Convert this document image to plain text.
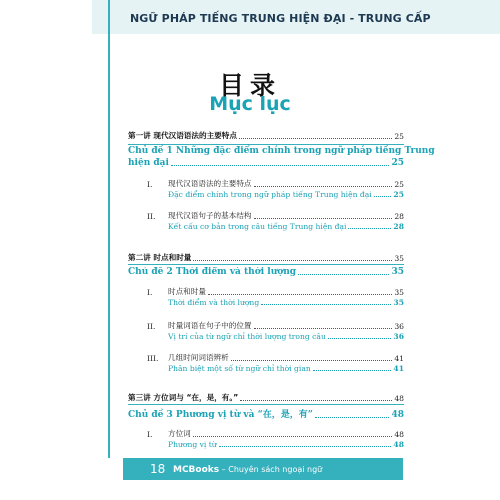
NGỮ PHÁP TIẾNG TRUNG HIỆN ĐẠI - TRUNG CẤP
目录
Mục lục
第一讲 现代汉语语法的主要特点	25
Chủ đề 1 Những đặc điểm chính trong ngữ pháp tiếng Trung
hiện đại	25
I. 现代汉语语法的主要特点	25
Đặc điểm chính trong ngữ pháp tiếng Trung hiện đại	25
II. 现代汉语句子的基本结构	28
Kết cấu cơ bản trong câu tiếng Trung hiện đại	28
第二讲 时点和时量	35
Chủ đề 2 Thời điểm và thời lượng	35
I. 时点和时量	35
Thời điểm và thời lượng	35
II. 时量词语在句子中的位置	36
Vị trí của từ ngữ chỉ thời lượng trong câu	36
III. 几组时间词语辨析	41
Phân biệt một số từ ngữ chỉ thời gian	41
第三讲 方位词与 “在，是，有。”	48
Chủ đề 3 Phương vị từ và “在，是，有”	48
I. 方位词	48
Phương vị từ	48
18 MCBooks – Chuyên sách ngoại ngữ
